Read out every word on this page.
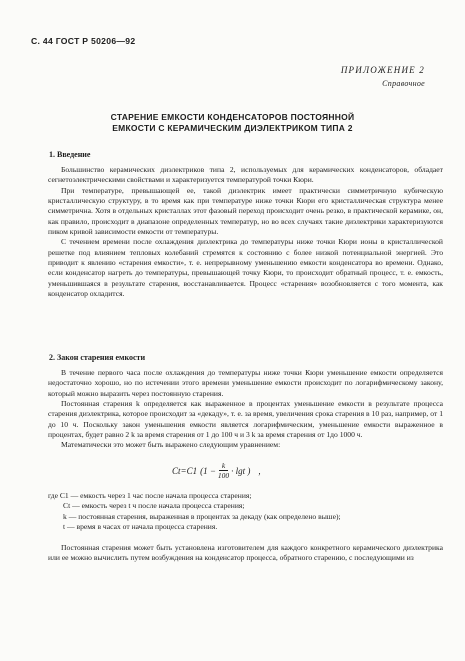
С. 44 ГОСТ Р 50206—92
ПРИЛОЖЕНИЕ 2
Справочное
СТАРЕНИЕ ЕМКОСТИ КОНДЕНСАТОРОВ ПОСТОЯННОЙ
ЕМКОСТИ С КЕРАМИЧЕСКИМ ДИЭЛЕКТРИКОМ ТИПА 2
1. Введение

Большинство керамических диэлектриков типа 2, используемых для керамических конденсаторов, обладает сегнетоэлектрическими свойствами и характеризуется температурой точки Кюри.

При температуре, превышающей ее, такой диэлектрик имеет практически симметричную кубическую кристаллическую структуру, в то время как при температуре ниже точки Кюри его кристаллическая структура менее симметрична. Хотя в отдельных кристаллах этот фазовый переход происходит очень резко, в практической керамике, он, как правило, происходит в диапазоне определенных температур, но во всех случаях такие диэлектрики характеризуются пиком кривой зависимости емкости от температуры.

С течением времени после охлаждения диэлектрика до температуры ниже точки Кюри ионы в кристаллической решетке под влиянием тепловых колебаний стремятся к состоянию с более низкой потенциальной энергией. Это приводит к явлению «старения емкости», т. е. непрерывному уменьшению емкости конденсатора во времени. Однако, если конденсатор нагреть до температуры, превышающей точку Кюри, то происходит обратный процесс, т. е. емкость, уменьшившаяся в результате старения, восстанавливается. Процесс «старения» возобновляется с того момента, как конденсатор охладится.

2. Закон старения емкости

В течение первого часа после охлаждения до температуры ниже точки Кюри уменьшение емкости определяется недостаточно хорошо, но по истечении этого времени уменьшение емкости происходит по логарифмическому закону, который можно выразить через постоянную старения.

Постоянная старения k определяется как выраженное в процентах уменьшение емкости в результате процесса старения диэлектрика, которое происходит за «декаду», т. е. за время, увеличения срока старения в 10 раз, например, от 1 до 10 ч. Поскольку закон уменьшения емкости является логарифмическим, уменьшение емкости выраженное в процентах, будет равно 2 k за время старения от 1 до 100 ч и 3 k за время старения от 1до 1000 ч.

Математически это может быть выражено следующим уравнением:

Ct=C1 ($1 - \frac{k}{100} \cdot \lg t$ ) ,
где C1 — емкость через 1 час после начала процесса старения;
Ct — емкость через t ч после начала процесса старения;
k — постоянная старения, выраженная в процентах за декаду (как определено выше);
t — время в часах от начала процесса старения.

Постоянная старения может быть установлена изготовителем для каждого конкретного керамического диэлектрика или ее можно вычислить путем возбуждения на конденсатор процесса, обратного старению, с последующими из
